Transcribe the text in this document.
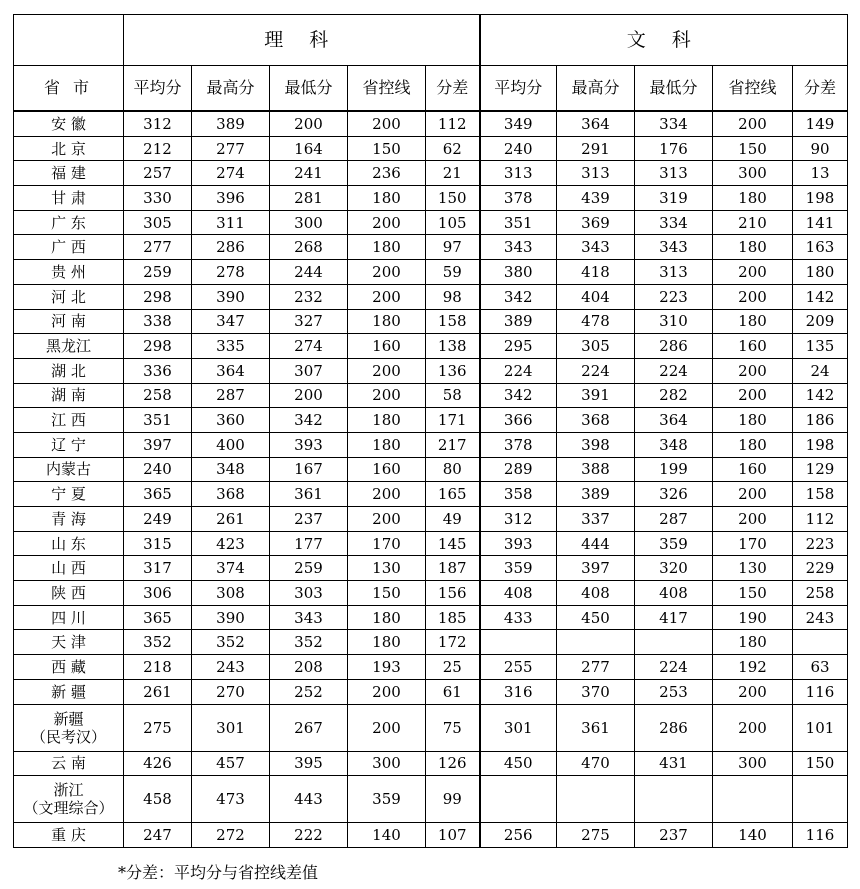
	理 科					文 科				
省 市	平均分	最高分	最低分	省控线	分差	平均分	最高分	最低分	省控线	分差
安 徽	312	389	200	200	112	349	364	334	200	149
北 京	212	277	164	150	62	240	291	176	150	90
福 建	257	274	241	236	21	313	313	313	300	13
甘 肃	330	396	281	180	150	378	439	319	180	198
广 东	305	311	300	200	105	351	369	334	210	141
广 西	277	286	268	180	97	343	343	343	180	163
贵 州	259	278	244	200	59	380	418	313	200	180
河 北	298	390	232	200	98	342	404	223	200	142
河 南	338	347	327	180	158	389	478	310	180	209
黑龙江	298	335	274	160	138	295	305	286	160	135
湖 北	336	364	307	200	136	224	224	224	200	24
湖 南	258	287	200	200	58	342	391	282	200	142
江 西	351	360	342	180	171	366	368	364	180	186
辽 宁	397	400	393	180	217	378	398	348	180	198
内蒙古	240	348	167	160	80	289	388	199	160	129
宁 夏	365	368	361	200	165	358	389	326	200	158
青 海	249	261	237	200	49	312	337	287	200	112
山 东	315	423	177	170	145	393	444	359	170	223
山 西	317	374	259	130	187	359	397	320	130	229
陕 西	306	308	303	150	156	408	408	408	150	258
四 川	365	390	343	180	185	433	450	417	190	243
天 津	352	352	352	180	172				180	
西 藏	218	243	208	193	25	255	277	224	192	63
新 疆	261	270	252	200	61	316	370	253	200	116

新疆
（民考汉）	275	301	267	200	75	301	361	286	200	101
云 南	426	457	395	300	126	450	470	431	300	150

浙江
（文理综合）	458	473	443	359	99					
重 庆	247	272	222	140	107	256	275	237	140	116
*分差：平均分与省控线差值
